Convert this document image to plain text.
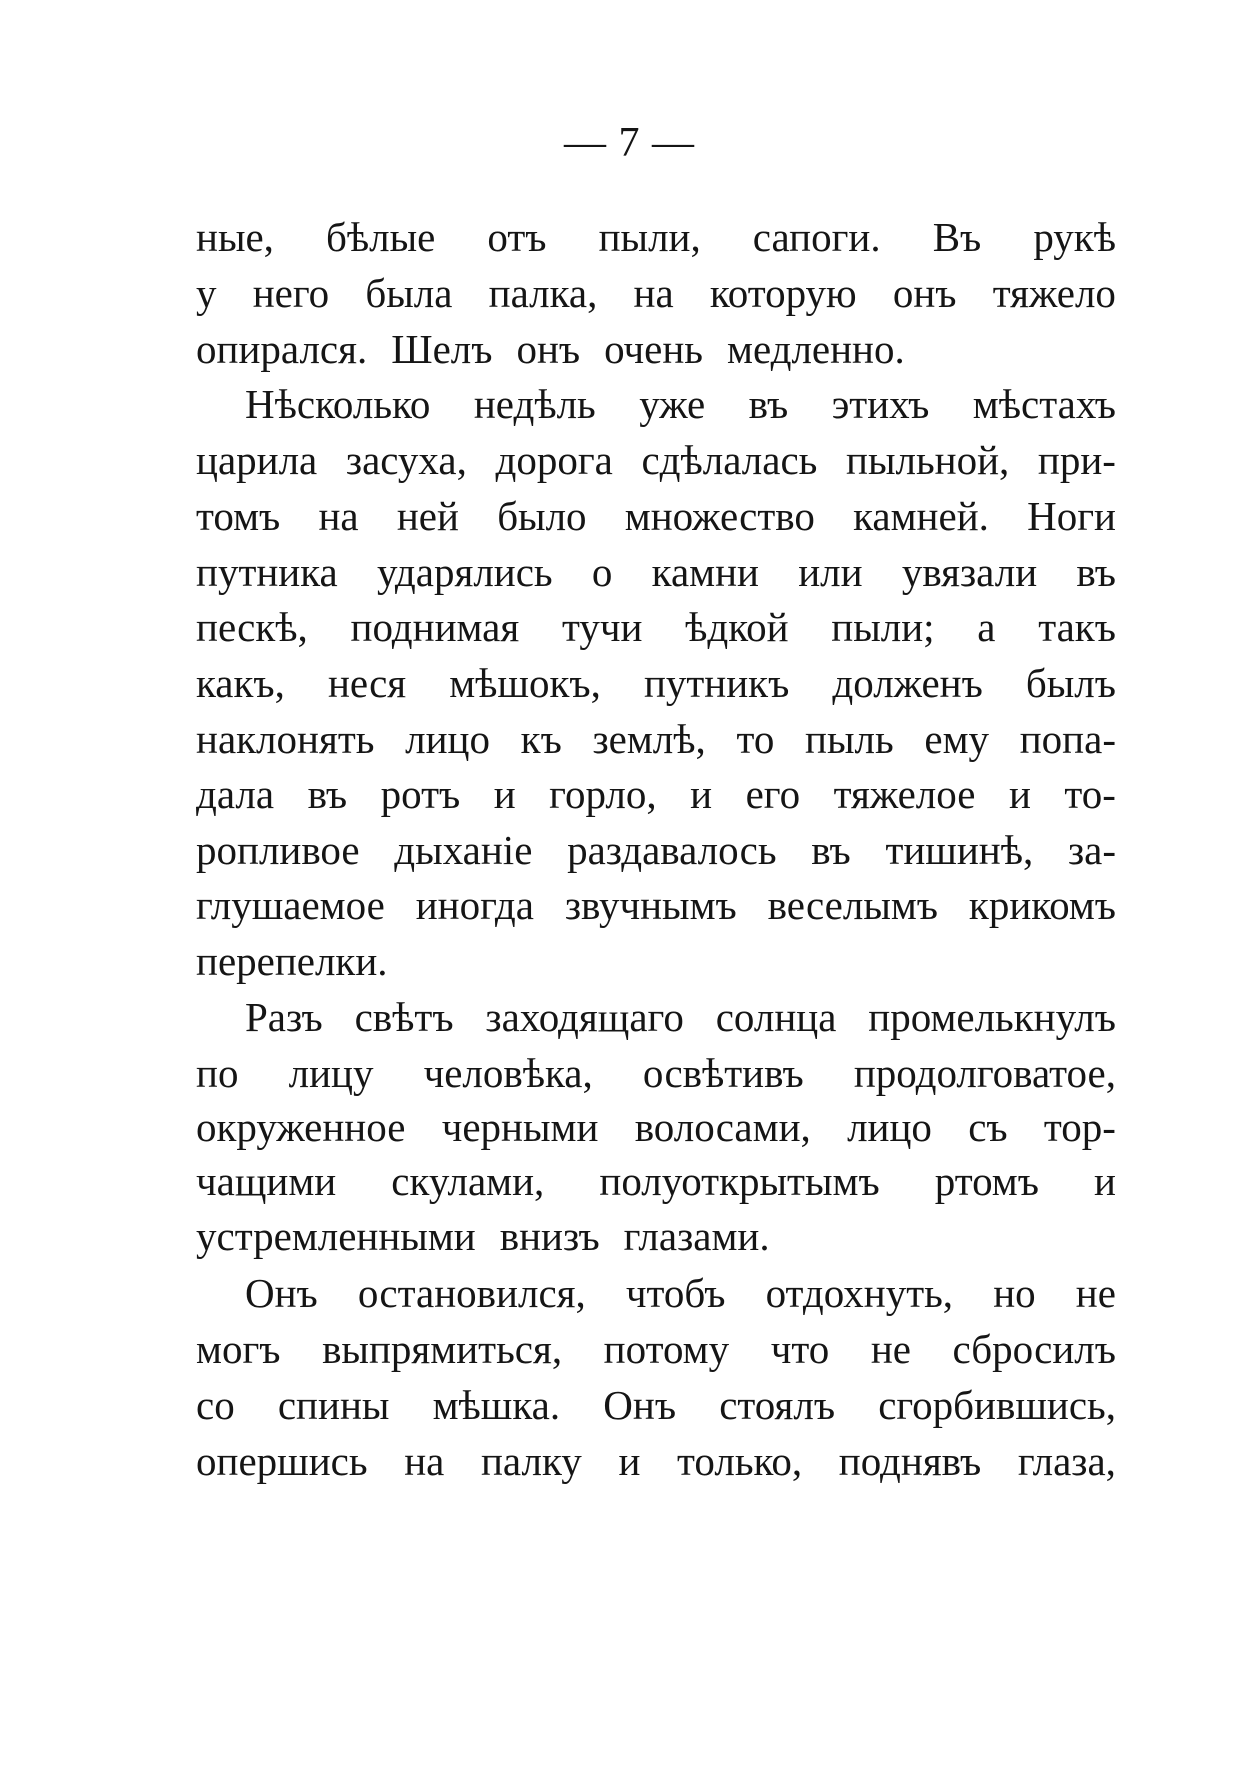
— 7 —
ные, бѣлые отъ пыли, сапоги. Въ рукѣ
у него была палка, на которую онъ тяжело
опирался. Шелъ онъ очень медленно.
Нѣсколько недѣль уже въ этихъ мѣстахъ
царила засуха, дорога сдѣлалась пыльной, при-
томъ на ней было множество камней. Ноги
путника ударялись о камни или увязали въ
пескѣ, поднимая тучи ѣдкой пыли; а такъ
какъ, неся мѣшокъ, путникъ долженъ былъ
наклонять лицо къ землѣ, то пыль ему попа-
дала въ ротъ и горло, и его тяжелое и то-
ропливое дыханіе раздавалось въ тишинѣ, за-
глушаемое иногда звучнымъ веселымъ крикомъ
перепелки.
Разъ свѣтъ заходящаго солнца промелькнулъ
по лицу человѣка, освѣтивъ продолговатое,
окруженное черными волосами, лицо съ тор-
чащими скулами, полуоткрытымъ ртомъ и
устремленными внизъ глазами.
Онъ остановился, чтобъ отдохнуть, но не
могъ выпрямиться, потому что не сбросилъ
со спины мѣшка. Онъ стоялъ сгорбившись,
опершись на палку и только, поднявъ глаза,
